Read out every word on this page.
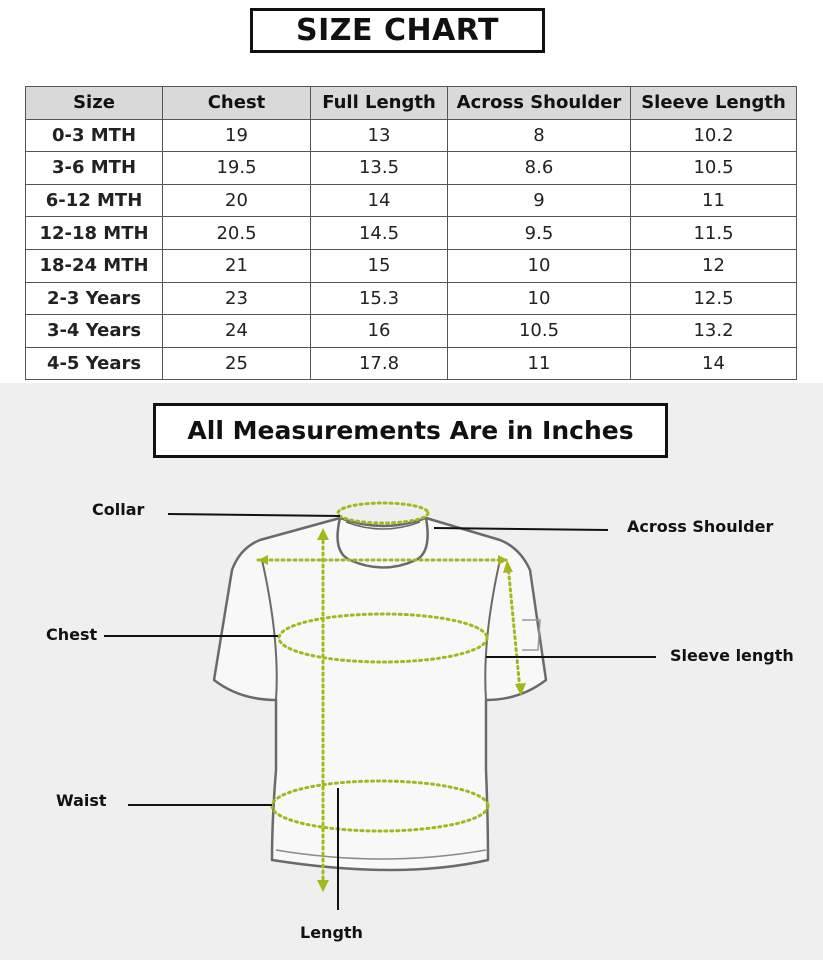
SIZE CHART
Size	Chest	Full Length	Across Shoulder	Sleeve Length
0-3 MTH	19	13	8	10.2
3-6 MTH	19.5	13.5	8.6	10.5
6-12 MTH	20	14	9	11
12-18 MTH	20.5	14.5	9.5	11.5
18-24 MTH	21	15	10	12
2-3 Years	23	15.3	10	12.5
3-4 Years	24	16	10.5	13.2
4-5 Years	25	17.8	11	14
All Measurements Are in Inches
Collar
Across Shoulder
Chest
Sleeve length
Waist
Length
